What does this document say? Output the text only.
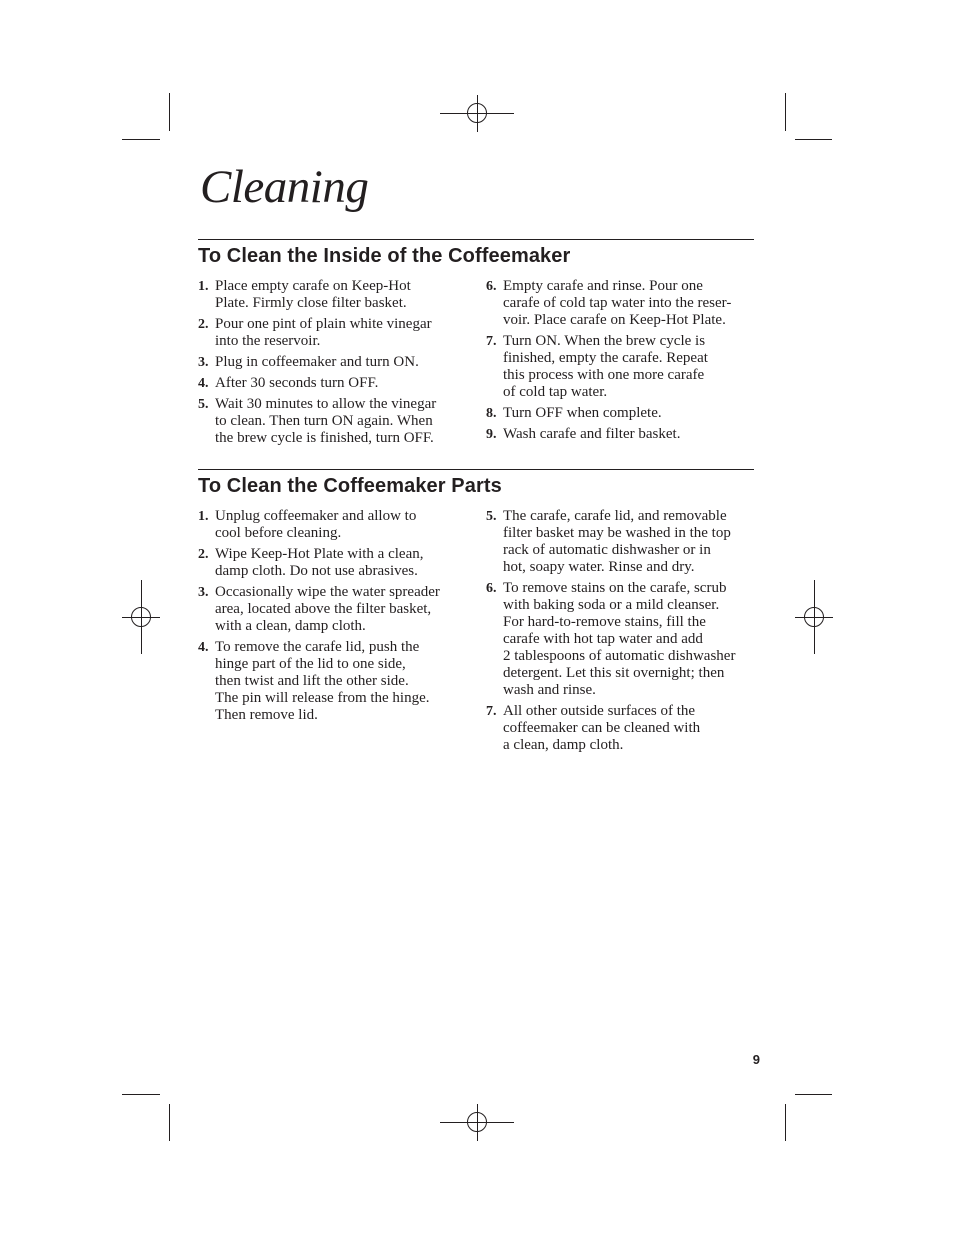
Cleaning
To Clean the Inside of the Coffeemaker
1. Place empty carafe on Keep-Hot
Plate. Firmly close filter basket.
2. Pour one pint of plain white vinegar
into the reservoir.
3. Plug in coffeemaker and turn ON.
4. After 30 seconds turn OFF.
5. Wait 30 minutes to allow the vinegar
to clean. Then turn ON again. When
the brew cycle is finished, turn OFF.
6. Empty carafe and rinse. Pour one
carafe of cold tap water into the reser-
voir. Place carafe on Keep-Hot Plate.
7. Turn ON. When the brew cycle is
finished, empty the carafe. Repeat
this process with one more carafe
of cold tap water.
8. Turn OFF when complete.
9. Wash carafe and filter basket.
To Clean the Coffeemaker Parts
1. Unplug coffeemaker and allow to
cool before cleaning.
2. Wipe Keep-Hot Plate with a clean,
damp cloth. Do not use abrasives.
3. Occasionally wipe the water spreader
area, located above the filter basket,
with a clean, damp cloth.
4. To remove the carafe lid, push the
hinge part of the lid to one side,
then twist and lift the other side.
The pin will release from the hinge.
Then remove lid.
5. The carafe, carafe lid, and removable
filter basket may be washed in the top
rack of automatic dishwasher or in
hot, soapy water. Rinse and dry.
6. To remove stains on the carafe, scrub
with baking soda or a mild cleanser.
For hard-to-remove stains, fill the
carafe with hot tap water and add
2 tablespoons of automatic dishwasher
detergent. Let this sit overnight; then
wash and rinse.
7. All other outside surfaces of the
coffeemaker can be cleaned with
a clean, damp cloth.
9
